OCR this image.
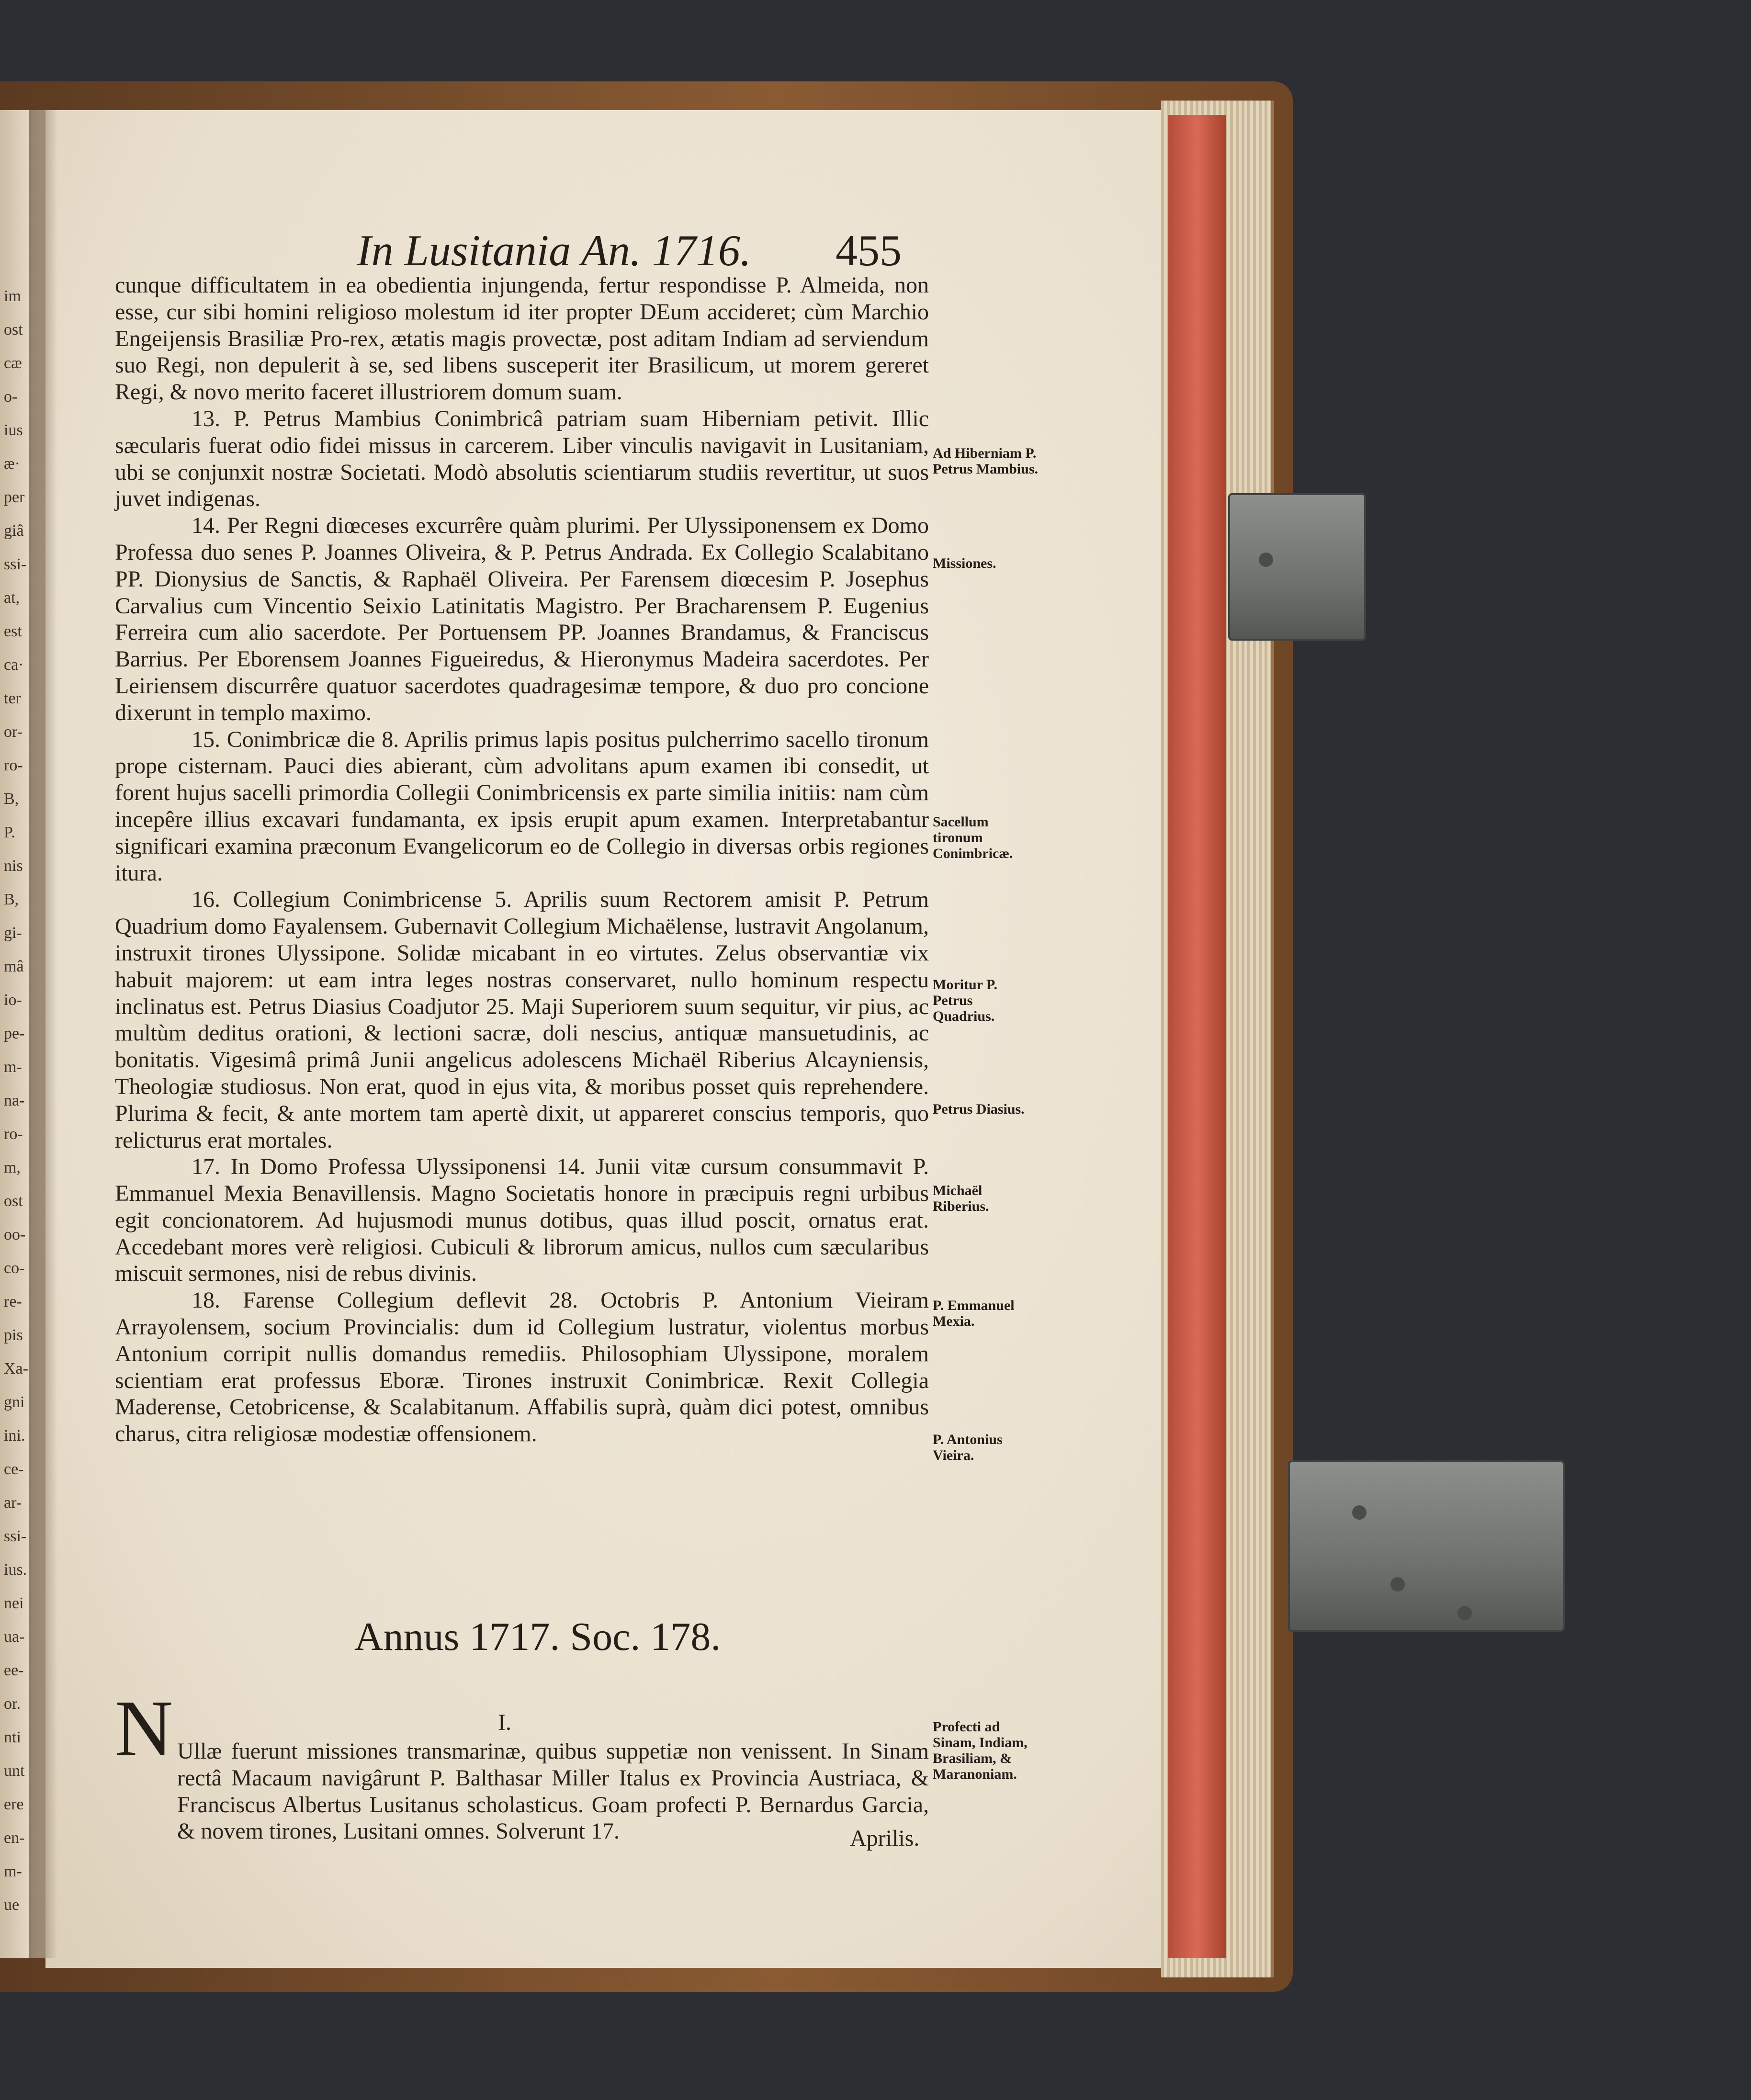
im
ost
cæ
o-
ius
æ·
per
giâ
ssi-
at,
est
ca·
ter
or-
ro-
B,
P.
nis
B,
gi-
mâ
io-
pe-
m-
na-
ro-
m,
ost
oo-
co-
re-
pis
Xa-
gni
ini.
ce-
ar-
ssi-
ius.
nei
ua-
ee-
or.
nti
unt
ere
en-
m-
ue
In Lusitania An. 1716. 455

cunque difficultatem in ea obedientia injungenda, fertur respondisse P. Almeida, non esse, cur sibi homini religioso molestum id iter propter DEum accideret; cùm Marchio Engeijensis Brasiliæ Pro-rex, ætatis magis provectæ, post aditam Indiam ad serviendum suo Regi, non depulerit à se, sed libens susceperit iter Brasilicum, ut morem gereret Regi, & novo merito faceret illustriorem domum suam.

13. P. Petrus Mambius Conimbricâ patriam suam Hiberniam petivit. Illic sæcularis fuerat odio fidei missus in carcerem. Liber vinculis navigavit in Lusitaniam, ubi se conjunxit nostræ Societati. Modò absolutis scientiarum studiis revertitur, ut suos juvet indigenas.

14. Per Regni diœceses excurrêre quàm plurimi. Per Ulyssiponensem ex Domo Professa duo senes P. Joannes Oliveira, & P. Petrus Andrada. Ex Collegio Scalabitano PP. Dionysius de Sanctis, & Raphaël Oliveira. Per Farensem diœcesim P. Josephus Carvalius cum Vincentio Seixio Latinitatis Magistro. Per Bracharensem P. Eugenius Ferreira cum alio sacerdote. Per Portuensem PP. Joannes Brandamus, & Franciscus Barrius. Per Eborensem Joannes Figueiredus, & Hieronymus Madeira sacerdotes. Per Leiriensem discurrêre quatuor sacerdotes quadragesimæ tempore, & duo pro concione dixerunt in templo maximo.

15. Conimbricæ die 8. Aprilis primus lapis positus pulcherrimo sacello tironum prope cisternam. Pauci dies abierant, cùm advolitans apum examen ibi consedit, ut forent hujus sacelli primordia Collegii Conimbricensis ex parte similia initiis: nam cùm incepêre illius excavari fundamanta, ex ipsis erupit apum examen. Interpretabantur significari examina præconum Evangelicorum eo de Collegio in diversas orbis regiones itura.

16. Collegium Conimbricense 5. Aprilis suum Rectorem amisit P. Petrum Quadrium domo Fayalensem. Gubernavit Collegium Michaëlense, lustravit Angolanum, instruxit tirones Ulyssipone. Solidæ micabant in eo virtutes. Zelus observantiæ vix habuit majorem: ut eam intra leges nostras conservaret, nullo hominum respectu inclinatus est. Petrus Diasius Coadjutor 25. Maji Superiorem suum sequitur, vir pius, ac multùm deditus orationi, & lectioni sacræ, doli nescius, antiquæ mansuetudinis, ac bonitatis. Vigesimâ primâ Junii angelicus adolescens Michaël Riberius Alcayniensis, Theologiæ studiosus. Non erat, quod in ejus vita, & moribus posset quis reprehendere. Plurima & fecit, & ante mortem tam apertè dixit, ut appareret conscius temporis, quo relicturus erat mortales.

17. In Domo Professa Ulyssiponensi 14. Junii vitæ cursum consummavit P. Emmanuel Mexia Benavillensis. Magno Societatis honore in præcipuis regni urbibus egit concionatorem. Ad hujusmodi munus dotibus, quas illud poscit, ornatus erat. Accedebant mores verè religiosi. Cubiculi & librorum amicus, nullos cum sæcularibus miscuit sermones, nisi de rebus divinis.

18. Farense Collegium deflevit 28. Octobris P. Antonium Vieiram Arrayolensem, socium Provincialis: dum id Collegium lustratur, violentus morbus Antonium corripit nullis domandus remediis. Philosophiam Ulyssipone, moralem scientiam erat professus Eboræ. Tirones instruxit Conimbricæ. Rexit Collegia Maderense, Cetobricense, & Scalabitanum. Affabilis suprà, quàm dici potest, omnibus charus, citra religiosæ modestiæ offensionem.

Ad Hiberniam P. Petrus Mambius.
Missiones.
Sacellum tironum Conimbricæ.
Moritur P. Petrus Quadrius.
Petrus Diasius.
Michaël Riberius.
P. Emmanuel Mexia.
P. Antonius Vieira.
Profecti ad Sinam, Indiam, Brasiliam, & Maranoniam.
Annus 1717. Soc. 178.
I.
N Ullæ fuerunt missiones transmarinæ, quibus suppetiæ non venissent. In Sinam rectâ Macaum navigârunt P. Balthasar Miller Italus ex Provincia Austriaca, & Franciscus Albertus Lusitanus scholasticus. Goam profecti P. Bernardus Garcia, & novem tirones, Lusitani omnes. Solverunt 17.	Aprilis.
